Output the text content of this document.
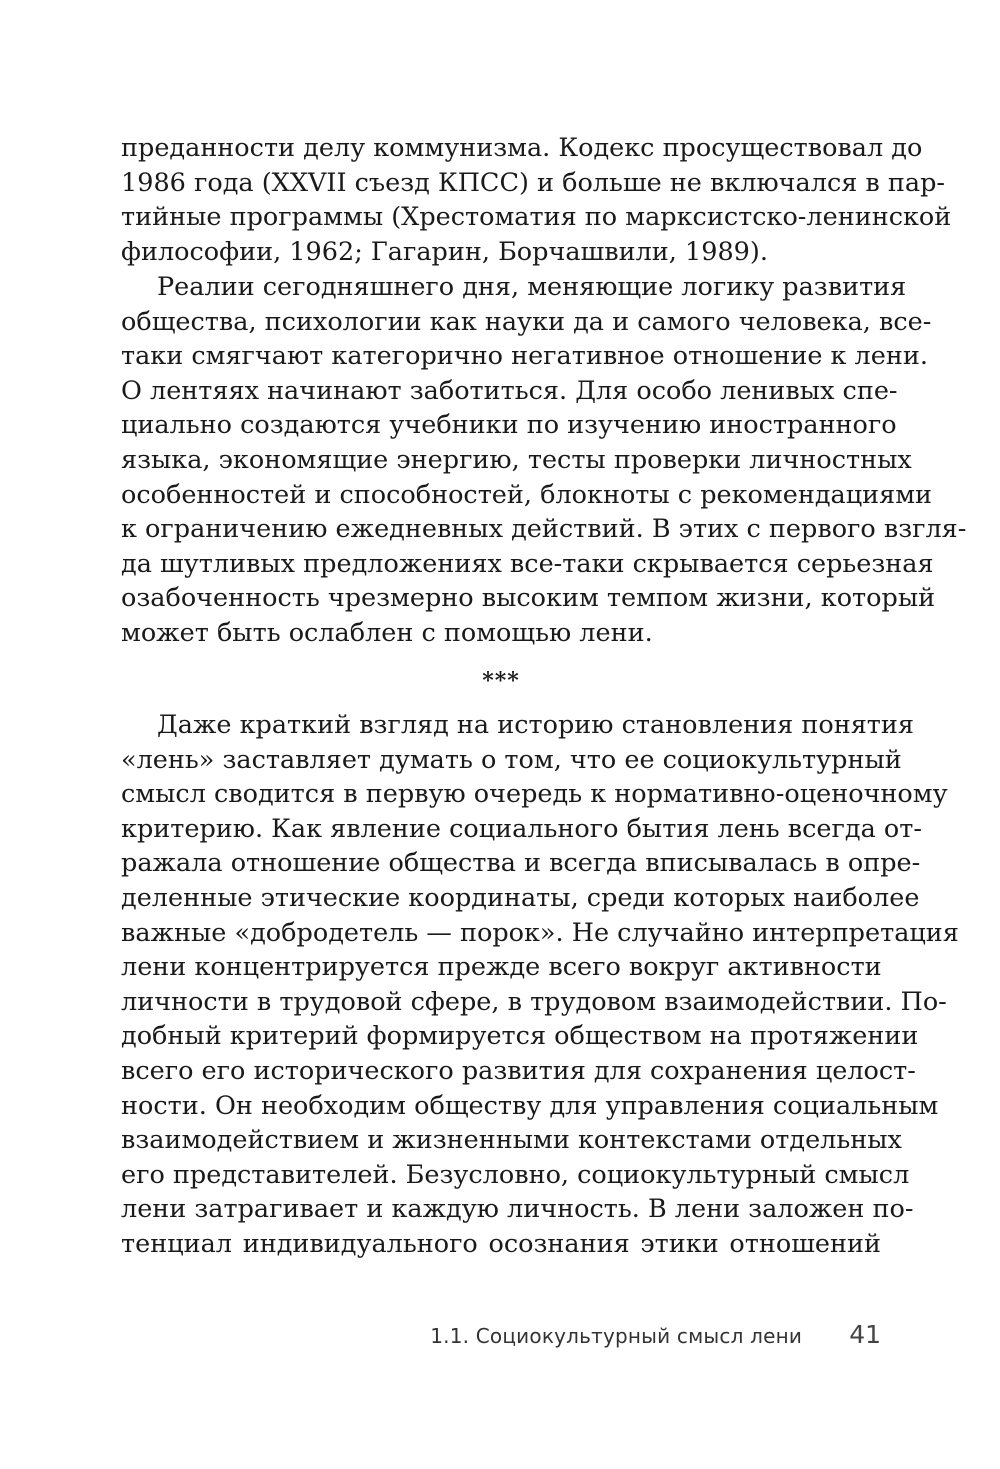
преданности делу коммунизма. Кодекс просуществовал до
1986 года (XXVII съезд КПСС) и больше не включался в пар-
тийные программы (Хрестоматия по марксистско-ленинской
философии, 1962; Гагарин, Борчашвили, 1989).
Реалии сегодняшнего дня, меняющие логику развития
общества, психологии как науки да и самого человека, все-
таки смягчают категорично негативное отношение к лени.
О лентяях начинают заботиться. Для особо ленивых спе-
циально создаются учебники по изучению иностранного
языка, экономящие энергию, тесты проверки личностных
особенностей и способностей, блокноты с рекомендациями
к ограничению ежедневных действий. В этих с первого взгля-
да шутливых предложениях все-таки скрывается серьезная
озабоченность чрезмерно высоким темпом жизни, который
может быть ослаблен с помощью лени.
***
Даже краткий взгляд на историю становления понятия
«лень» заставляет думать о том, что ее социокультурный
смысл сводится в первую очередь к нормативно-оценочному
критерию. Как явление социального бытия лень всегда от-
ражала отношение общества и всегда вписывалась в опре-
деленные этические координаты, среди которых наиболее
важные «добродетель — порок». Не случайно интерпретация
лени концентрируется прежде всего вокруг активности
личности в трудовой сфере, в трудовом взаимодействии. По-
добный критерий формируется обществом на протяжении
всего его исторического развития для сохранения целост-
ности. Он необходим обществу для управления социальным
взаимодействием и жизненными контекстами отдельных
его представителей. Безусловно, социокультурный смысл
лени затрагивает и каждую личность. В лени заложен по-
тенциал индивидуального осознания этики отношений
1.1. Социокультурный смысл лени 41
